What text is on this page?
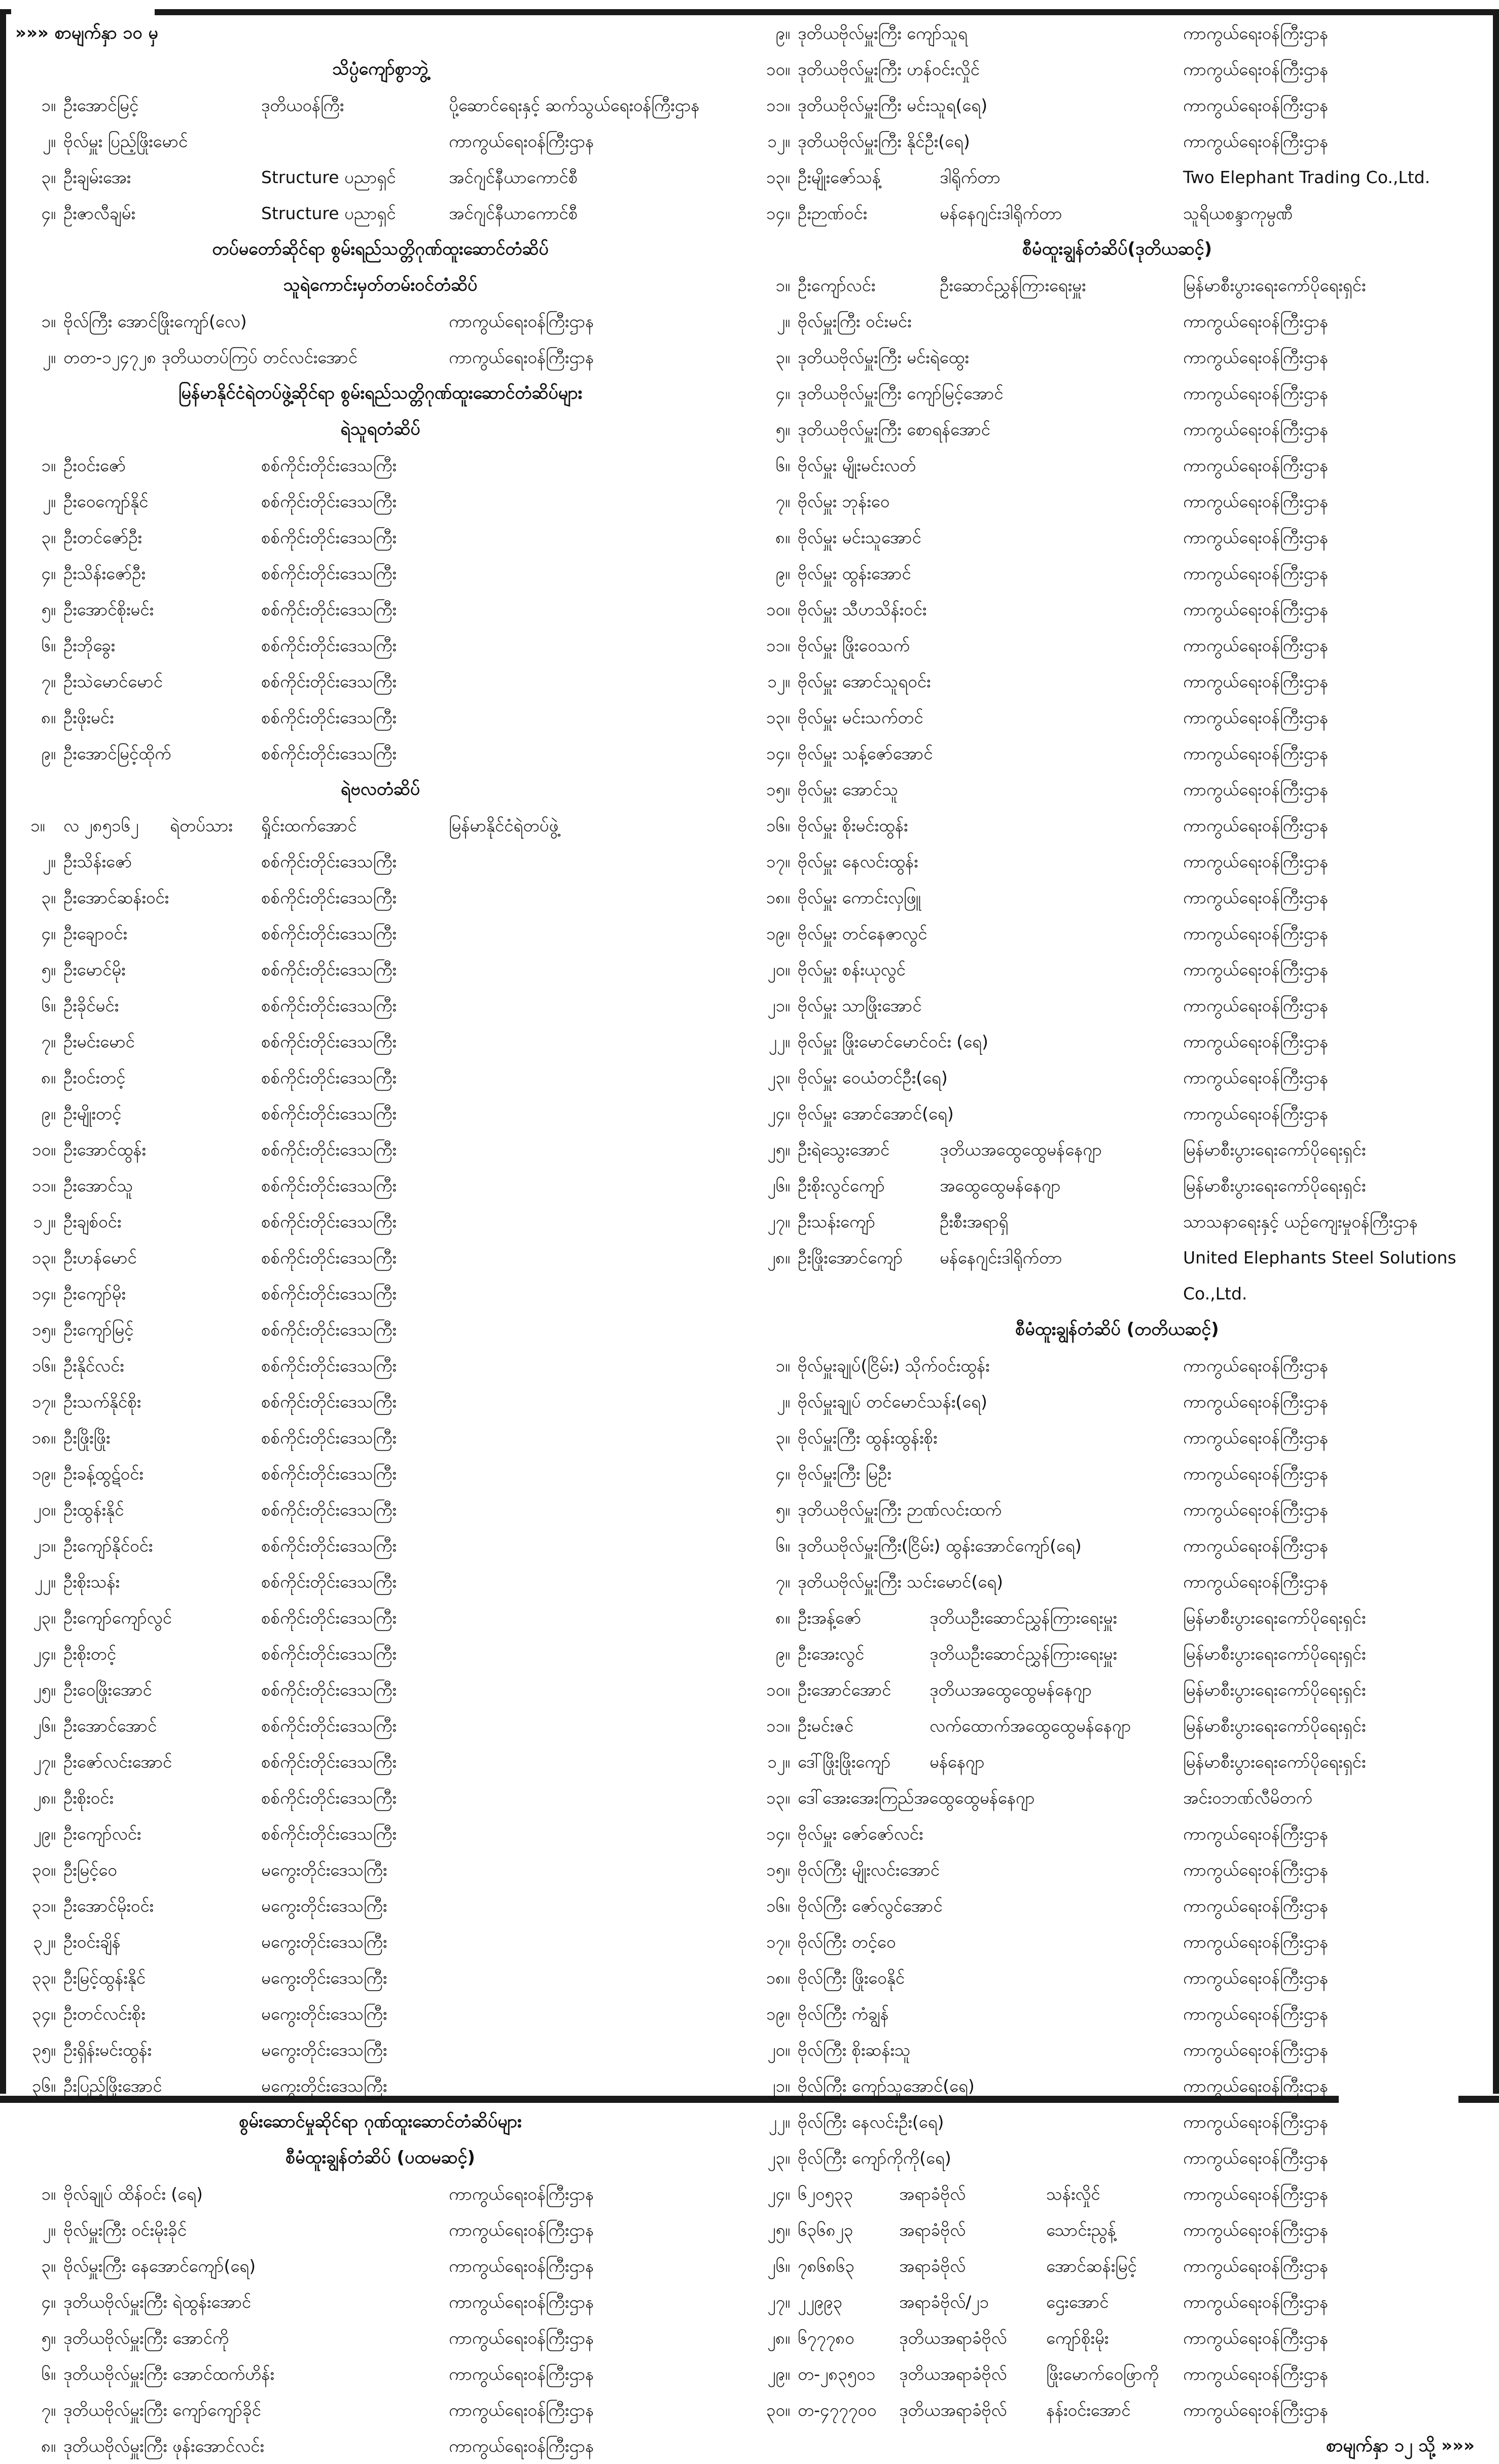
»»» စာမျက်နှာ ၁၀ မှ
သိပ္ပံကျော်စွာဘွဲ့
၁။ ဦးအောင်မြင့်	ဒုတိယဝန်ကြီး	ပို့ဆောင်ရေးနှင့် ဆက်သွယ်ရေးဝန်ကြီးဌာန
၂။ ဗိုလ်မှူး ပြည့်ဖြိုးမောင်	ကာကွယ်ရေးဝန်ကြီးဌာန
၃။ ဦးချမ်းအေး	Structure ပညာရှင်	အင်ဂျင်နီယာကောင်စီ
၄။ ဦးဇာလီချမ်း	Structure ပညာရှင်	အင်ဂျင်နီယာကောင်စီ
တပ်မတော်ဆိုင်ရာ စွမ်းရည်သတ္တိဂုဏ်ထူးဆောင်တံဆိပ်
သူရဲကောင်းမှတ်တမ်းဝင်တံဆိပ်
၁။ ဗိုလ်ကြီး အောင်ဖြိုးကျော်(လေ)	ကာကွယ်ရေးဝန်ကြီးဌာန
၂။ တတ-၁၂၄၇၂၈ ဒုတိယတပ်ကြပ် တင်လင်းအောင်	ကာကွယ်ရေးဝန်ကြီးဌာန
မြန်မာနိုင်ငံရဲတပ်ဖွဲ့ဆိုင်ရာ စွမ်းရည်သတ္တိဂုဏ်ထူးဆောင်တံဆိပ်များ
ရဲသူရတံဆိပ်
၁။ ဦးဝင်းဇော်	စစ်ကိုင်းတိုင်းဒေသကြီး
၂။ ဦးဝေကျော်နိုင်	စစ်ကိုင်းတိုင်းဒေသကြီး
၃။ ဦးတင်ဇော်ဦး	စစ်ကိုင်းတိုင်းဒေသကြီး
၄။ ဦးသိန်းဇော်ဦး	စစ်ကိုင်းတိုင်းဒေသကြီး
၅။ ဦးအောင်စိုးမင်း	စစ်ကိုင်းတိုင်းဒေသကြီး
၆။ ဦးဘိုခွေး	စစ်ကိုင်းတိုင်းဒေသကြီး
၇။ ဦးသဲမောင်မောင်	စစ်ကိုင်းတိုင်းဒေသကြီး
၈။ ဦးဖိုးမင်း	စစ်ကိုင်းတိုင်းဒေသကြီး
၉။ ဦးအောင်မြင့်ထိုက်	စစ်ကိုင်းတိုင်းဒေသကြီး
ရဲဗလတံဆိပ်
၁။ လ ၂၈၅၁၆၂ ရဲတပ်သား ရှိုင်းထက်အောင်	မြန်မာနိုင်ငံရဲတပ်ဖွဲ့
၂။ ဦးသိန်းဇော်	စစ်ကိုင်းတိုင်းဒေသကြီး
၃။ ဦးအောင်ဆန်းဝင်း	စစ်ကိုင်းတိုင်းဒေသကြီး
၄။ ဦးချောဝင်း	စစ်ကိုင်းတိုင်းဒေသကြီး
၅။ ဦးမောင်မိုး	စစ်ကိုင်းတိုင်းဒေသကြီး
၆။ ဦးခိုင်မင်း	စစ်ကိုင်းတိုင်းဒေသကြီး
၇။ ဦးမင်းမောင်	စစ်ကိုင်းတိုင်းဒေသကြီး
၈။ ဦးဝင်းတင့်	စစ်ကိုင်းတိုင်းဒေသကြီး
၉။ ဦးမျိုးတင့်	စစ်ကိုင်းတိုင်းဒေသကြီး
၁၀။ ဦးအောင်ထွန်း	စစ်ကိုင်းတိုင်းဒေသကြီး
၁၁။ ဦးအောင်သူ	စစ်ကိုင်းတိုင်းဒေသကြီး
၁၂။ ဦးချစ်ဝင်း	စစ်ကိုင်းတိုင်းဒေသကြီး
၁၃။ ဦးဟန်မောင်	စစ်ကိုင်းတိုင်းဒေသကြီး
၁၄။ ဦးကျော်မိုး	စစ်ကိုင်းတိုင်းဒေသကြီး
၁၅။ ဦးကျော်မြင့်	စစ်ကိုင်းတိုင်းဒေသကြီး
၁၆။ ဦးနိုင်လင်း	စစ်ကိုင်းတိုင်းဒေသကြီး
၁၇။ ဦးသက်နိုင်စိုး	စစ်ကိုင်းတိုင်းဒေသကြီး
၁၈။ ဦးဖြိုးဖြိုး	စစ်ကိုင်းတိုင်းဒေသကြီး
၁၉။ ဦးခန့်ထွဋ်ဝင်း	စစ်ကိုင်းတိုင်းဒေသကြီး
၂၀။ ဦးထွန်းနိုင်	စစ်ကိုင်းတိုင်းဒေသကြီး
၂၁။ ဦးကျော်နိုင်ဝင်း	စစ်ကိုင်းတိုင်းဒေသကြီး
၂၂။ ဦးစိုးသန်း	စစ်ကိုင်းတိုင်းဒေသကြီး
၂၃။ ဦးကျော်ကျော်လွင်	စစ်ကိုင်းတိုင်းဒေသကြီး
၂၄။ ဦးစိုးတင့်	စစ်ကိုင်းတိုင်းဒေသကြီး
၂၅။ ဦးဝေဖြိုးအောင်	စစ်ကိုင်းတိုင်းဒေသကြီး
၂၆။ ဦးအောင်အောင်	စစ်ကိုင်းတိုင်းဒေသကြီး
၂၇။ ဦးဇော်လင်းအောင်	စစ်ကိုင်းတိုင်းဒေသကြီး
၂၈။ ဦးစိုးဝင်း	စစ်ကိုင်းတိုင်းဒေသကြီး
၂၉။ ဦးကျော်လင်း	စစ်ကိုင်းတိုင်းဒေသကြီး
၃၀။ ဦးမြင့်ဝေ	မကွေးတိုင်းဒေသကြီး
၃၁။ ဦးအောင်မိုးဝင်း	မကွေးတိုင်းဒေသကြီး
၃၂။ ဦးဝင်းချိန်	မကွေးတိုင်းဒေသကြီး
၃၃။ ဦးမြင့်ထွန်းနိုင်	မကွေးတိုင်းဒေသကြီး
၃၄။ ဦးတင်လင်းစိုး	မကွေးတိုင်းဒေသကြီး
၃၅။ ဦးရှိန်းမင်းထွန်း	မကွေးတိုင်းဒေသကြီး
၃၆။ ဦးပြည့်ဖြိုးအောင်	မကွေးတိုင်းဒေသကြီး
စွမ်းဆောင်မှုဆိုင်ရာ ဂုဏ်ထူးဆောင်တံဆိပ်များ
စီမံထူးချွန်တံဆိပ် (ပထမဆင့်)
၁။ ဗိုလ်ချုပ် ထိန်ဝင်း (ရေ)	ကာကွယ်ရေးဝန်ကြီးဌာန
၂။ ဗိုလ်မှူးကြီး ဝင်းမိုးခိုင်	ကာကွယ်ရေးဝန်ကြီးဌာန
၃။ ဗိုလ်မှူးကြီး နေအောင်ကျော်(ရေ)	ကာကွယ်ရေးဝန်ကြီးဌာန
၄။ ဒုတိယဗိုလ်မှူးကြီး ရဲထွန်းအောင်	ကာကွယ်ရေးဝန်ကြီးဌာန
၅။ ဒုတိယဗိုလ်မှူးကြီး အောင်ကို	ကာကွယ်ရေးဝန်ကြီးဌာန
၆။ ဒုတိယဗိုလ်မှူးကြီး အောင်ထက်ဟိန်း	ကာကွယ်ရေးဝန်ကြီးဌာန
၇။ ဒုတိယဗိုလ်မှူးကြီး ကျော်ကျော်ခိုင်	ကာကွယ်ရေးဝန်ကြီးဌာန
၈။ ဒုတိယဗိုလ်မှူးကြီး ဖုန်းအောင်လင်း	ကာကွယ်ရေးဝန်ကြီးဌာန
၉။ ဒုတိယဗိုလ်မှူးကြီး ကျော်သူရ	ကာကွယ်ရေးဝန်ကြီးဌာန
၁၀။ ဒုတိယဗိုလ်မှူးကြီး ဟန်ဝင်းလှိုင်	ကာကွယ်ရေးဝန်ကြီးဌာန
၁၁။ ဒုတိယဗိုလ်မှူးကြီး မင်းသူရ(ရေ)	ကာကွယ်ရေးဝန်ကြီးဌာန
၁၂။ ဒုတိယဗိုလ်မှူးကြီး နိုင်ဦး(ရေ)	ကာကွယ်ရေးဝန်ကြီးဌာန
၁၃။ ဦးမျိုးဇော်သန့်	ဒါရိုက်တာ	Two Elephant Trading Co.,Ltd.
၁၄။ ဦးဉာဏ်ဝင်း	မန်နေဂျင်းဒါရိုက်တာ	သူရိယစန္ဒာကုမ္ပဏီ
စီမံထူးချွန်တံဆိပ်(ဒုတိယဆင့်)
၁။ ဦးကျော်လင်း	ဦးဆောင်ညွှန်ကြားရေးမှူး	မြန်မာစီးပွားရေးကော်ပိုရေးရှင်း
၂။ ဗိုလ်မှူးကြီး ဝင်းမင်း	ကာကွယ်ရေးဝန်ကြီးဌာန
၃။ ဒုတိယဗိုလ်မှူးကြီး မင်းရဲထွေး	ကာကွယ်ရေးဝန်ကြီးဌာန
၄။ ဒုတိယဗိုလ်မှူးကြီး ကျော်မြင့်အောင်	ကာကွယ်ရေးဝန်ကြီးဌာန
၅။ ဒုတိယဗိုလ်မှူးကြီး စောရန်အောင်	ကာကွယ်ရေးဝန်ကြီးဌာန
၆။ ဗိုလ်မှူး မျိုးမင်းလတ်	ကာကွယ်ရေးဝန်ကြီးဌာန
၇။ ဗိုလ်မှူး ဘုန်းဝေ	ကာကွယ်ရေးဝန်ကြီးဌာန
၈။ ဗိုလ်မှူး မင်းသူအောင်	ကာကွယ်ရေးဝန်ကြီးဌာန
၉။ ဗိုလ်မှူး ထွန်းအောင်	ကာကွယ်ရေးဝန်ကြီးဌာန
၁၀။ ဗိုလ်မှူး သီဟသိန်းဝင်း	ကာကွယ်ရေးဝန်ကြီးဌာန
၁၁။ ဗိုလ်မှူး ဖြိုးဝေသက်	ကာကွယ်ရေးဝန်ကြီးဌာန
၁၂။ ဗိုလ်မှူး အောင်သူရဝင်း	ကာကွယ်ရေးဝန်ကြီးဌာန
၁၃။ ဗိုလ်မှူး မင်းသက်တင်	ကာကွယ်ရေးဝန်ကြီးဌာန
၁၄။ ဗိုလ်မှူး သန့်ဇော်အောင်	ကာကွယ်ရေးဝန်ကြီးဌာန
၁၅။ ဗိုလ်မှူး အောင်သူ	ကာကွယ်ရေးဝန်ကြီးဌာန
၁၆။ ဗိုလ်မှူး စိုးမင်းထွန်း	ကာကွယ်ရေးဝန်ကြီးဌာန
၁၇။ ဗိုလ်မှူး နေလင်းထွန်း	ကာကွယ်ရေးဝန်ကြီးဌာန
၁၈။ ဗိုလ်မှူး ကောင်းလှဖြူ	ကာကွယ်ရေးဝန်ကြီးဌာန
၁၉။ ဗိုလ်မှူး တင်နေဇာလွင်	ကာကွယ်ရေးဝန်ကြီးဌာန
၂၀။ ဗိုလ်မှူး စန်းယုလွင်	ကာကွယ်ရေးဝန်ကြီးဌာန
၂၁။ ဗိုလ်မှူး သာဖြိုးအောင်	ကာကွယ်ရေးဝန်ကြီးဌာန
၂၂။ ဗိုလ်မှူး ဖြိုးမောင်မောင်ဝင်း (ရေ)	ကာကွယ်ရေးဝန်ကြီးဌာန
၂၃။ ဗိုလ်မှူး ဝေယံတင်ဦး(ရေ)	ကာကွယ်ရေးဝန်ကြီးဌာန
၂၄။ ဗိုလ်မှူး အောင်အောင်(ရေ)	ကာကွယ်ရေးဝန်ကြီးဌာန
၂၅။ ဦးရဲသွေးအောင်	ဒုတိယအထွေထွေမန်နေဂျာ	မြန်မာစီးပွားရေးကော်ပိုရေးရှင်း
၂၆။ ဦးစိုးလွင်ကျော်	အထွေထွေမန်နေဂျာ	မြန်မာစီးပွားရေးကော်ပိုရေးရှင်း
၂၇။ ဦးသန်းကျော်	ဦးစီးအရာရှိ	သာသနာရေးနှင့် ယဉ်ကျေးမှုဝန်ကြီးဌာန
၂၈။ ဦးဖြိုးအောင်ကျော် မန်နေဂျင်းဒါရိုက်တာ	United Elephants Steel Solutions
Co.,Ltd.
စီမံထူးချွန်တံဆိပ် (တတိယဆင့်)
၁။ ဗိုလ်မှူးချုပ်(ငြိမ်း) သိုက်ဝင်းထွန်း	ကာကွယ်ရေးဝန်ကြီးဌာန
၂။ ဗိုလ်မှူးချုပ် တင်မောင်သန်း(ရေ)	ကာကွယ်ရေးဝန်ကြီးဌာန
၃။ ဗိုလ်မှူးကြီး ထွန်းထွန်းစိုး	ကာကွယ်ရေးဝန်ကြီးဌာန
၄။ ဗိုလ်မှူးကြီး မြဦး	ကာကွယ်ရေးဝန်ကြီးဌာန
၅။ ဒုတိယဗိုလ်မှူးကြီး ဉာဏ်လင်းထက်	ကာကွယ်ရေးဝန်ကြီးဌာန
၆။ ဒုတိယဗိုလ်မှူးကြီး(ငြိမ်း) ထွန်းအောင်ကျော်(ရေ)	ကာကွယ်ရေးဝန်ကြီးဌာန
၇။ ဒုတိယဗိုလ်မှူးကြီး သင်းမောင်(ရေ)	ကာကွယ်ရေးဝန်ကြီးဌာန
၈။ ဦးအန့်ဇော်	ဒုတိယဦးဆောင်ညွှန်ကြားရေးမှူး	မြန်မာစီးပွားရေးကော်ပိုရေးရှင်း
၉။ ဦးအေးလွင်	ဒုတိယဦးဆောင်ညွှန်ကြားရေးမှူး	မြန်မာစီးပွားရေးကော်ပိုရေးရှင်း
၁၀။ ဦးအောင်အောင် ဒုတိယအထွေထွေမန်နေဂျာ	မြန်မာစီးပွားရေးကော်ပိုရေးရှင်း
၁၁။ ဦးမင်းဇင်	လက်ထောက်အထွေထွေမန်နေဂျာ	မြန်မာစီးပွားရေးကော်ပိုရေးရှင်း
၁၂။ ဒေါ်ဖြိုးဖြိုးကျော် မန်နေဂျာ	မြန်မာစီးပွားရေးကော်ပိုရေးရှင်း
၁၃။ ဒေါ်အေးအေးကြည်အထွေထွေမန်နေဂျာ	အင်းဝဘဏ်လီမိတက်
၁၄။ ဗိုလ်မှူး ဇော်ဇော်လင်း	ကာကွယ်ရေးဝန်ကြီးဌာန
၁၅။ ဗိုလ်ကြီး မျိုးလင်းအောင်	ကာကွယ်ရေးဝန်ကြီးဌာန
၁၆။ ဗိုလ်ကြီး ဇော်လွင်အောင်	ကာကွယ်ရေးဝန်ကြီးဌာန
၁၇။ ဗိုလ်ကြီး တင့်ဝေ	ကာကွယ်ရေးဝန်ကြီးဌာန
၁၈။ ဗိုလ်ကြီး ဖြိုးဝေနိုင်	ကာကွယ်ရေးဝန်ကြီးဌာန
၁၉။ ဗိုလ်ကြီး ကံချွန်	ကာကွယ်ရေးဝန်ကြီးဌာန
၂၀။ ဗိုလ်ကြီး စိုးဆန်းသူ	ကာကွယ်ရေးဝန်ကြီးဌာန
၂၁။ ဗိုလ်ကြီး ကျော်သူအောင်(ရေ)	ကာကွယ်ရေးဝန်ကြီးဌာန
၂၂။ ဗိုလ်ကြီး နေလင်းဦး(ရေ)	ကာကွယ်ရေးဝန်ကြီးဌာန
၂၃။ ဗိုလ်ကြီး ကျော်ကိုကို(ရေ)	ကာကွယ်ရေးဝန်ကြီးဌာန
၂၄။ ၆၂၀၅၃၃	အရာခံဗိုလ်	သန်းလှိုင်	ကာကွယ်ရေးဝန်ကြီးဌာန
၂၅။ ၆၃၆၈၂၃	အရာခံဗိုလ်	သောင်းညွန့်	ကာကွယ်ရေးဝန်ကြီးဌာန
၂၆။ ၇၈၆၈၆၃	အရာခံဗိုလ်	အောင်ဆန်းမြင့်	ကာကွယ်ရေးဝန်ကြီးဌာန
၂၇။ ၂၂၉၉၃	အရာခံဗိုလ်/၂၁	ဌေးအောင်	ကာကွယ်ရေးဝန်ကြီးဌာန
၂၈။ ၆၇၇၇၈၀	ဒုတိယအရာခံဗိုလ် ကျော်စိုးမိုး	ကာကွယ်ရေးဝန်ကြီးဌာန
၂၉။ တ-၂၈၃၅၀၁ ဒုတိယအရာခံဗိုလ် ဖြိုးမောက်ဝေဖြာကို ကာကွယ်ရေးဝန်ကြီးဌာန
၃၀။ တ-၄၇၇၇၀၀ ဒုတိယအရာခံဗိုလ် နန်းဝင်းအောင်	ကာကွယ်ရေးဝန်ကြီးဌာန
စာမျက်နှာ ၁၂ သို့ »»»
